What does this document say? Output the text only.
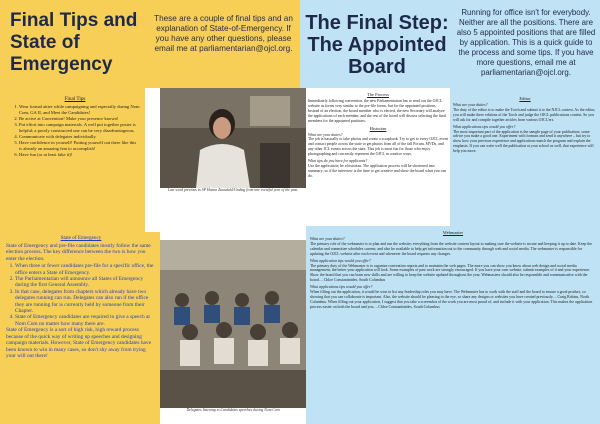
Final Tips and State of Emergency
Final Tips
1. Wear formal attire while campaigning and especially during Nom Com, GA II, and Meet the Candidates!
2. Be active at Convention! Make your presence known!
3. Put effort into campaign materials. A well put together poster is helpful; a poorly constructed one can be very disadvantageous.
4. Communicate with delegates individually.
5. Have confidence in yourself! Putting yourself out there like this is already an amazing feat to accomplish!
6. Have fun (or at least fake it)!
These are a couple of final tips and an explanation of State-of-Emergency. If you have any other questions, please email me at parliamentarian@ojcl.org.
Last word previous to SP Hanna Ziantdahl/Unding from one eventful year of the past.
State of Emergency

State of Emergency and pre-file candidates mostly follow the same election process. The key difference between the two is how you enter the election.

1. When three or fewer candidates pre-file for a specific office, the office enters a State of Emergency.
2. The Parliamentarian will announce all States of Emergency during the first General Assembly.
3. In that case, delegates from chapters which already have two delegates running can run. Delegates can also run if the office they are running for is currently held by someone from their Chapter.
4. State of Emergency candidates are required to give a speech at Nom Com no matter how many there are.

State of Emergency is a sort of high risk, high reward process because of the quick way of writing up speeches and designing campaign materials. However, State of Emergency candidates have been known to win in many cases, so don't shy away from trying your will out there!

Delegates listening to Candidates speeches during Nom Com
The Final Step: The Appointed Board
Running for office isn't for everybody. Neither are all the positions. There are also 5 appointed positions that are filled by application. This is a quick guide to the process and some tips. If you have more questions, email me at parliamentarian@ojcl.org.
The Process

Immediately following convention, the new Parliamentarian has to send out the OJCL website as forms very similar to the pre-file forms, but for the appointed positions. Instead of an election, the board member who is elected, the new Secretary will analyze the applications of each member, and the rest of the board will discuss selecting the final members for the appointed positions.

Historian
What are your duties?

The job is basically to take photos and create a scrapbook. Try to get to every OJCL event and contact people across the state to get photos from all of the fall Forum, MVDs, and any other JCL events across the state. This job is most fun for those who enjoy photographing and can easily represent the OJCL in creative ways.

What tips do you have for applicants?

Use the application; be a historian. The application process will be shortened into summary; so if the interview is the time to get creative and show the board what you can do.

Editor
What are your duties?

The duty of the editor is to make the Torch and submit it to the NJCL contest. As the editor, you will make three editions of the Torch and judge the OJCL publications contest. So you will ask for and compile together articles from various OJCL'ers.

What applications tips would you offer?

The most important part of the application is the sample page of your publication; some advice you make a good one. Experiment with formats and send it anywhere – but try to show how your previous experience and applications match the program and explain the emphasis. If you can write well the publication at your school as well, that experience will help you more.

Webmaster
What are your duties?

The primary role of the webmaster is to plan and run the website; everything from the website content layout to making sure the website is secure and keeping it up to date. Keep the calendar and committee schedules current; and also be available to help get information out to the community through web and social media. The webmaster is responsible for updating the OJCL website after each event and whenever the board requests any changes.

What application tips would you offer?

The primary duty of the Webmaster is to organize convention reports and to maintain the web pages. The more you can show you know about web design and social media management, the better your application will look. Some examples of past work are strongly encouraged. If you have your own website, submit examples of it and your experience. Show the board that you can learn new skills and are willing to keep the website updated throughout the year. Webmasters should also be responsible and communicative with the board. – Chloe Constantinides, South Columbus

What applications tips would you offer?

When filling out the application, it would be wise to list any leadership roles you may have. The Webmaster has to work with the staff and the board to ensure a good product, so showing that you can collaborate is important. Also, the website should be pleasing to the eye, so share any designs or websites you have created previously. – Craig Robins, North Columbus. When filling out your application, I suggest that you take a screenshot of the work you are most proud of, and include it with your application. This makes the application process easier on both the board and you. – Chloe Constantinides, South Columbus
